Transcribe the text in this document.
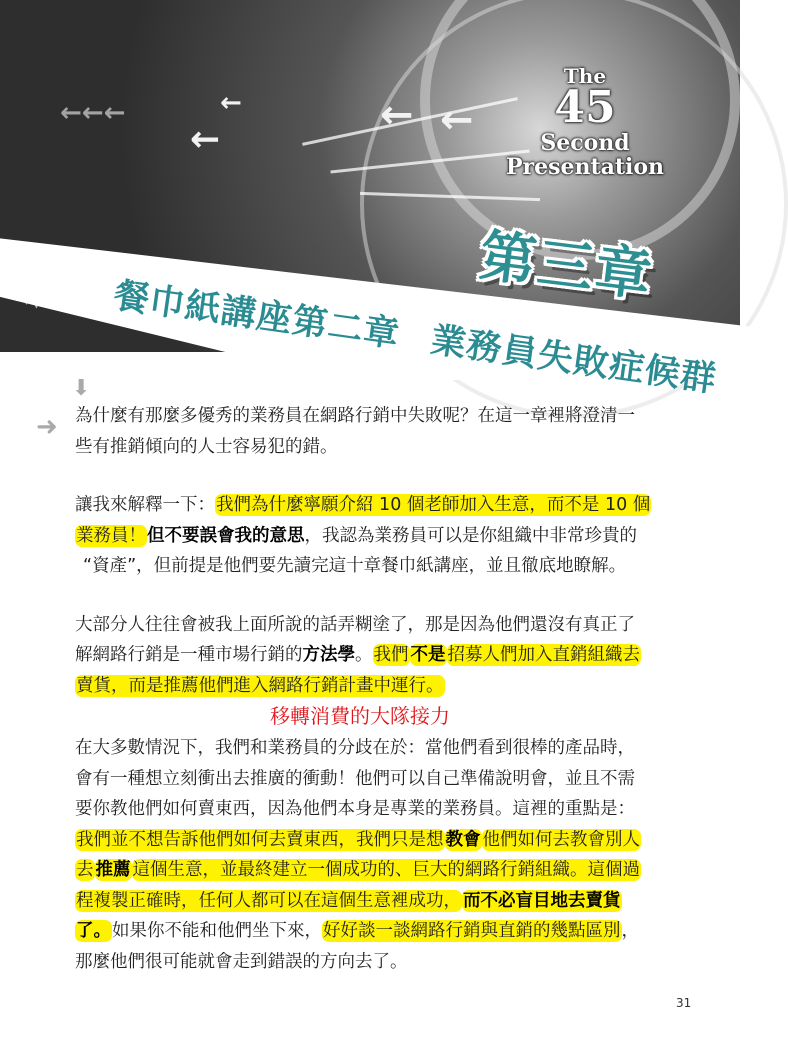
←←←
←
← ←
←
The
45
Second
Presentation
第三章
餐巾紙講座第二章業務員失敗症候群
⬇
➜ 為什麼有那麼多優秀的業務員在網路行銷中失敗呢？在這一章裡將澄清一
些有推銷傾向的人士容易犯的錯。
讓我來解釋一下：我們為什麼寧願介紹 10 個老師加入生意，而不是 10 個
業務員！但不要誤會我的意思，我認為業務員可以是你組織中非常珍貴的
“資產”，但前提是他們要先讀完這十章餐巾紙講座，並且徹底地瞭解。
大部分人往往會被我上面所說的話弄糊塗了，那是因為他們還沒有真正了
解網路行銷是一種市場行銷的方法學。我們 不是 招募人們加入直銷組織去
賣貨，而是推薦他們進入網路行銷計畫中運行。
移轉消費的大隊接力
在大多數情況下，我們和業務員的分歧在於：當他們看到很棒的產品時，
會有一種想立刻衝出去推廣的衝動！他們可以自己準備說明會，並且不需
要你教他們如何賣東西，因為他們本身是專業的業務員。這裡的重點是：
我們並不想告訴他們如何去賣東西，我們只是想 教會 他們如何去教會別人
去 推薦 這個生意，並最終建立一個成功的、巨大的網路行銷組織。這個過
程複製正確時，任何人都可以在這個生意裡成功， 而不必盲目地去賣貨
了。如果你不能和他們坐下來，好好談一談網路行銷與直銷的幾點區別，
那麼他們很可能就會走到錯誤的方向去了。
31
